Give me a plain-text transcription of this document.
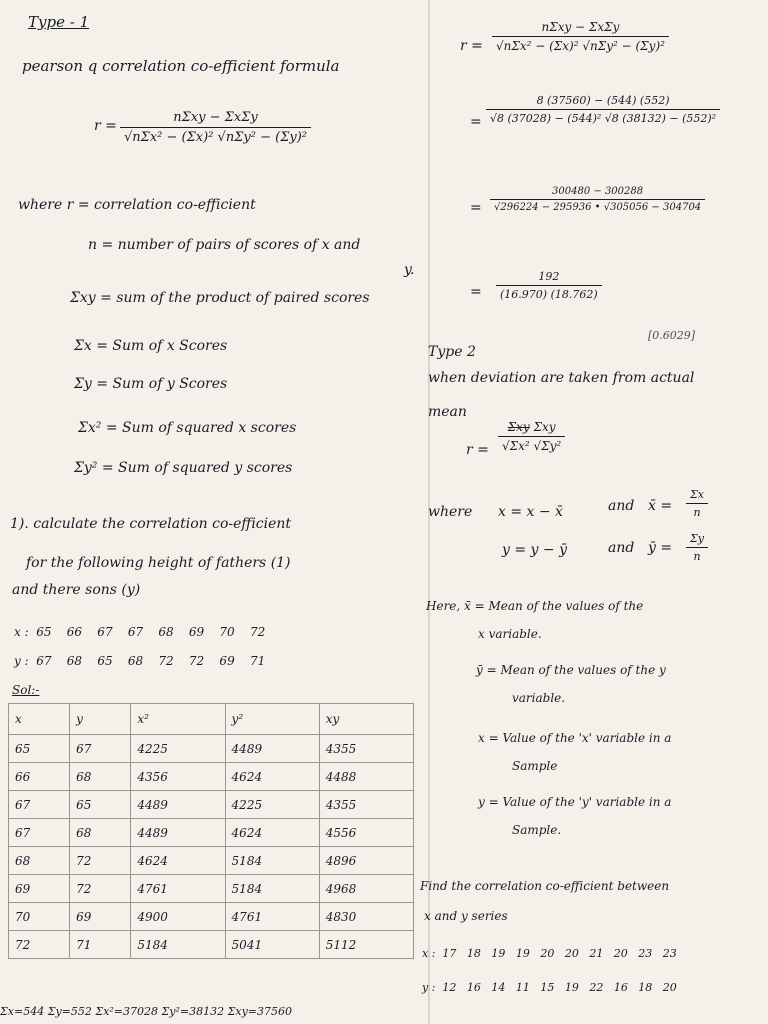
Type - 1
pearson q correlation co-efficient formula
r =
nΣxy − ΣxΣy
√nΣx² − (Σx)² √nΣy² − (Σy)²
where r = correlation co-efficient
n = number of pairs of scores of x and
y.
Σxy = sum of the product of paired scores
Σx = Sum of x Scores
Σy = Sum of y Scores
Σx² = Sum of squared x scores
Σy² = Sum of squared y scores
1). calculate the correlation co-efficient
for the following height of fathers (1)
and there sons (y)
x :  65    66    67    67    68    69    70    72
y :  67    68    65    68    72    72    69    71
Sol:-
x	y	x²	y²	xy
65	67	4225	4489	4355
66	68	4356	4624	4488
67	65	4489	4225	4355
67	68	4489	4624	4556
68	72	4624	5184	4896
69	72	4761	5184	4968
70	69	4900	4761	4830
72	71	5184	5041	5112
Σx=544 Σy=552 Σx²=37028 Σy²=38132 Σxy=37560
r =
nΣxy − ΣxΣy
√nΣx² − (Σx)² √nΣy² − (Σy)²
=
8 (37560) − (544) (552)
√8 (37028) − (544)² √8 (38132) − (552)²
=
300480 − 300288
√296224 − 295936 • √305056 − 304704
=
192
(16.970) (18.762)
[0.6029]
Type 2
when deviation are taken from actual
mean
r =
Σxy Σxy
√Σx² √Σy²
where x = x − x̄	and x̄ =
Σx
n
y = y − ȳ	and ȳ =
Σy
n
Here, x̄ = Mean of the values of the
x variable.
ȳ = Mean of the values of the y
variable.
x = Value of the 'x' variable in a
Sample
y = Value of the 'y' variable in a
Sample.
Find the correlation co-efficient between
x and y series
x :  17   18   19   19   20   20   21   20   23   23
y :  12   16   14   11   15   19   22   16   18   20
